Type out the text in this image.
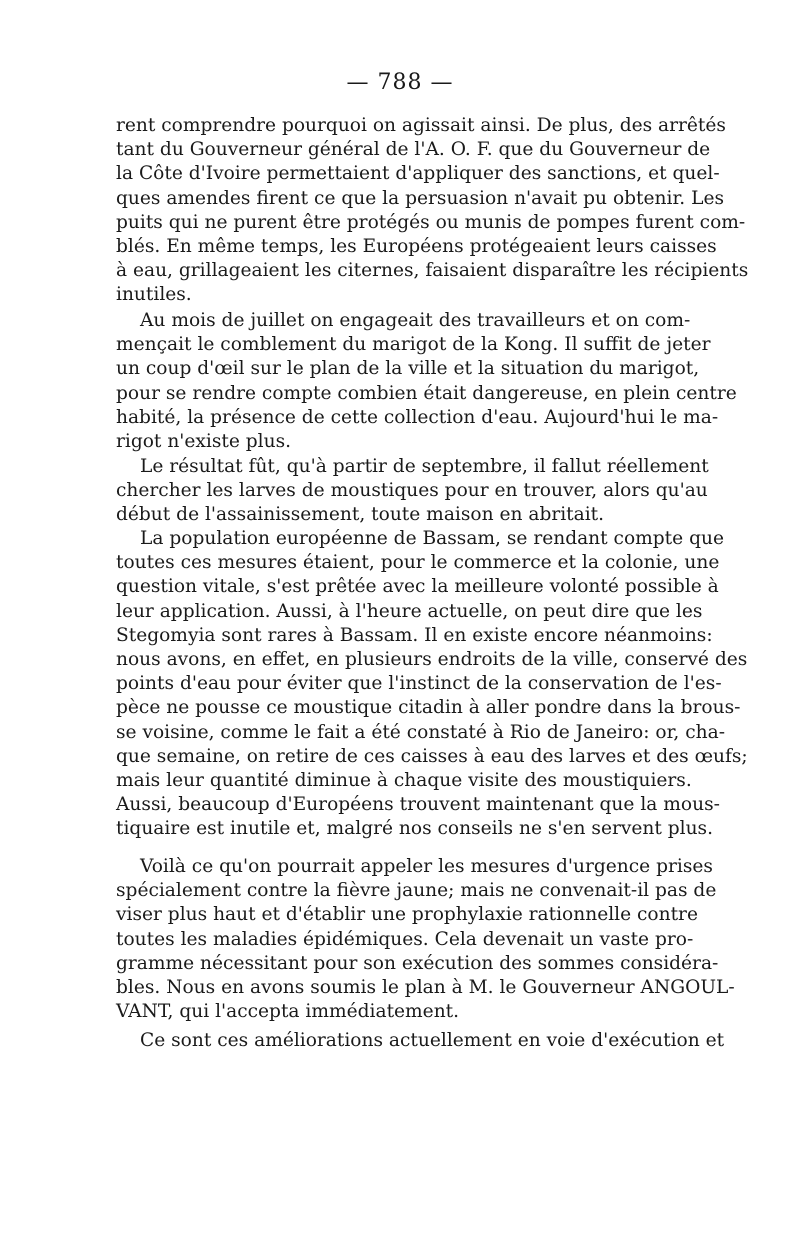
— 788 —
rent comprendre pourquoi on agissait ainsi. De plus, des arrêtés
tant du Gouverneur général de l'A. O. F. que du Gouverneur de
la Côte d'Ivoire permettaient d'appliquer des sanctions, et quel-
ques amendes firent ce que la persuasion n'avait pu obtenir. Les
puits qui ne purent être protégés ou munis de pompes furent com-
blés. En même temps, les Européens protégeaient leurs caisses
à eau, grillageaient les citernes, faisaient disparaître les récipients
inutiles.
Au mois de juillet on engageait des travailleurs et on com-
mençait le comblement du marigot de la Kong. Il suffit de jeter
un coup d'œil sur le plan de la ville et la situation du marigot,
pour se rendre compte combien était dangereuse, en plein centre
habité, la présence de cette collection d'eau. Aujourd'hui le ma-
rigot n'existe plus.
Le résultat fût, qu'à partir de septembre, il fallut réellement
chercher les larves de moustiques pour en trouver, alors qu'au
début de l'assainissement, toute maison en abritait.
La population européenne de Bassam, se rendant compte que
toutes ces mesures étaient, pour le commerce et la colonie, une
question vitale, s'est prêtée avec la meilleure volonté possible à
leur application. Aussi, à l'heure actuelle, on peut dire que les
Stegomyia sont rares à Bassam. Il en existe encore néanmoins:
nous avons, en effet, en plusieurs endroits de la ville, conservé des
points d'eau pour éviter que l'instinct de la conservation de l'es-
pèce ne pousse ce moustique citadin à aller pondre dans la brous-
se voisine, comme le fait a été constaté à Rio de Janeiro: or, cha-
que semaine, on retire de ces caisses à eau des larves et des œufs;
mais leur quantité diminue à chaque visite des moustiquiers.
Aussi, beaucoup d'Européens trouvent maintenant que la mous-
tiquaire est inutile et, malgré nos conseils ne s'en servent plus.
Voilà ce qu'on pourrait appeler les mesures d'urgence prises
spécialement contre la fièvre jaune; mais ne convenait-il pas de
viser plus haut et d'établir une prophylaxie rationnelle contre
toutes les maladies épidémiques. Cela devenait un vaste pro-
gramme nécessitant pour son exécution des sommes considéra-
bles. Nous en avons soumis le plan à M. le Gouverneur ANGOUL-
VANT, qui l'accepta immédiatement.
Ce sont ces améliorations actuellement en voie d'exécution et
